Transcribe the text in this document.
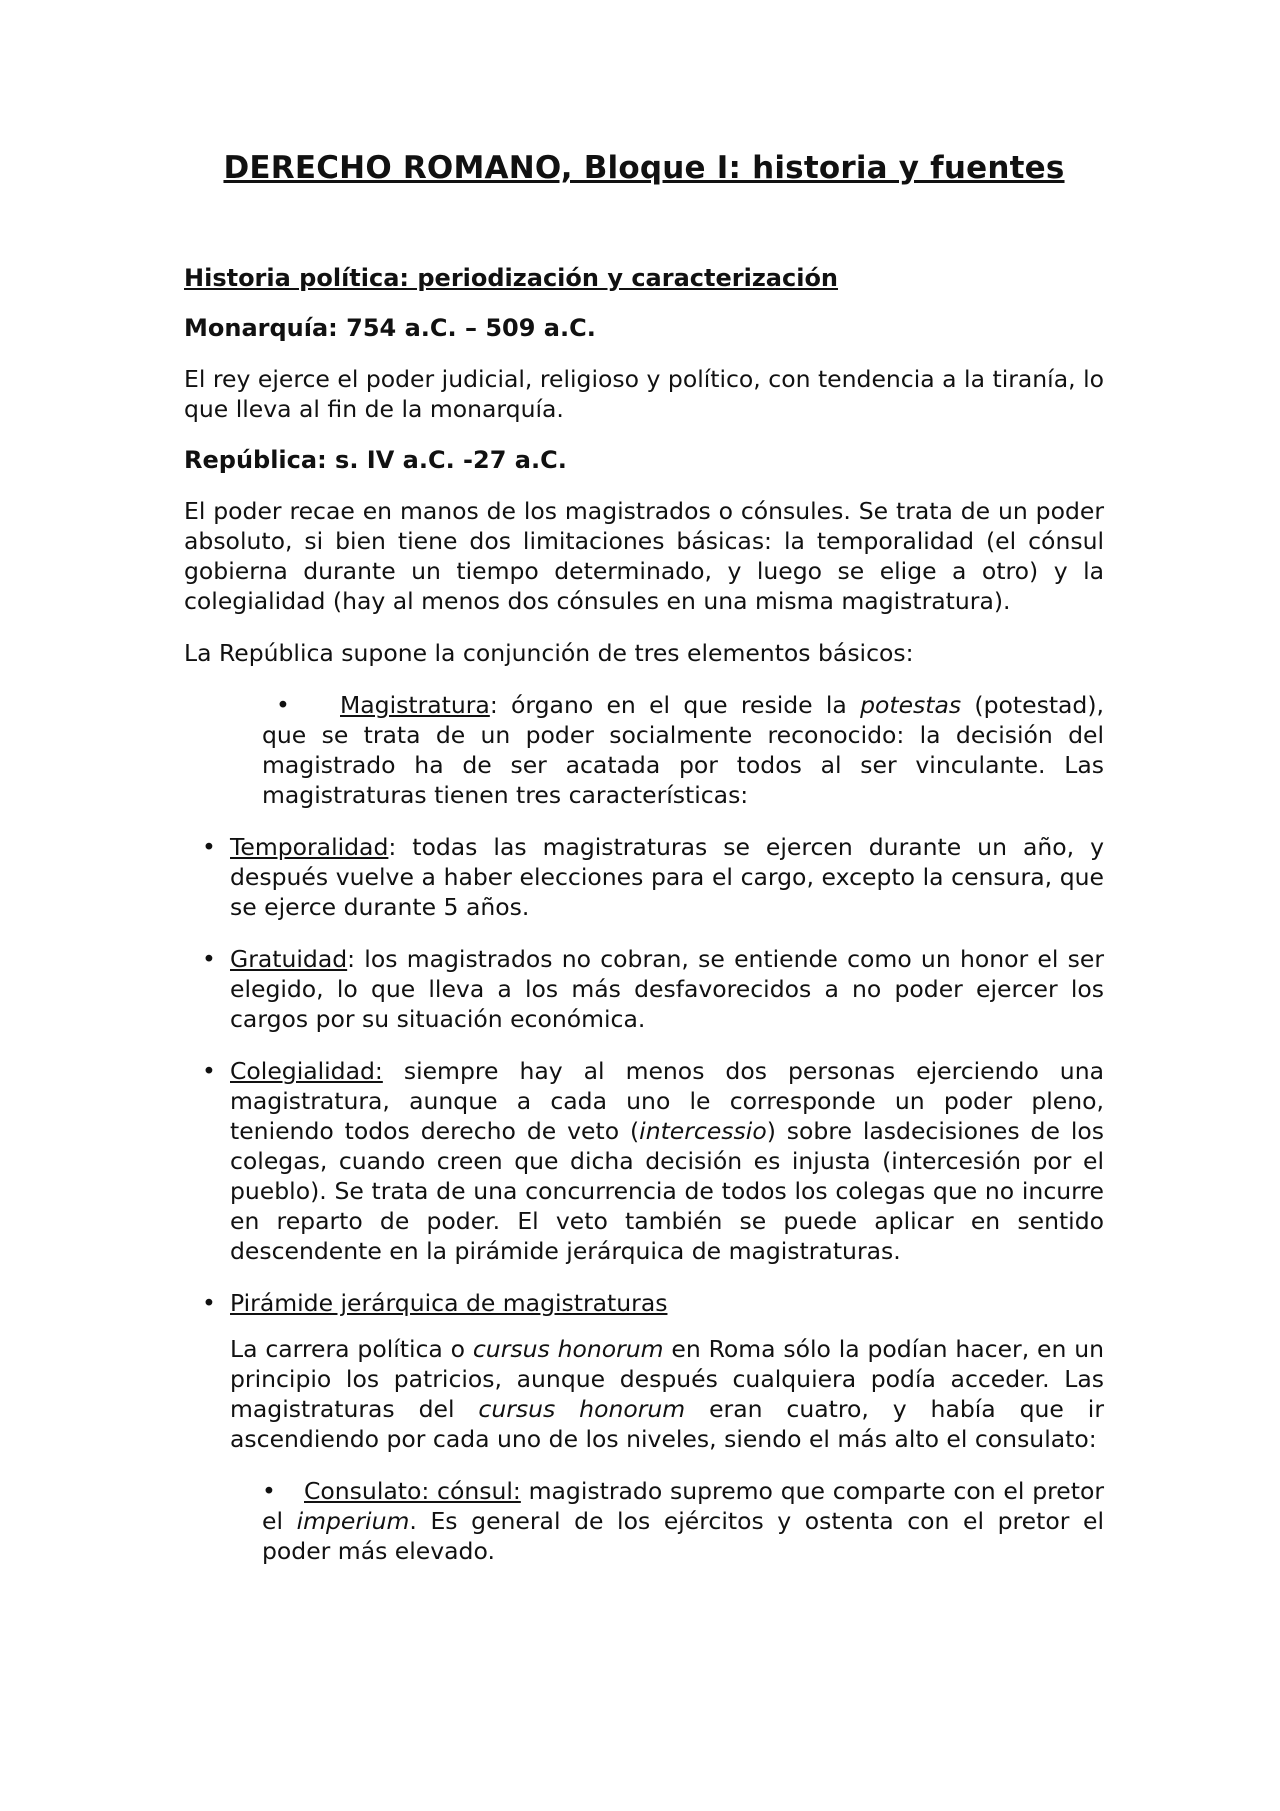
DERECHO ROMANO, Bloque I: historia y fuentes
Historia política: periodización y caracterización
Monarquía: 754 a.C. – 509 a.C.

El rey ejerce el poder judicial, religioso y político, con tendencia a la tiranía, lo que lleva al fin de la monarquía.

República: s. IV a.C. -27 a.C.

El poder recae en manos de los magistrados o cónsules. Se trata de un poder absoluto, si bien tiene dos limitaciones básicas: la temporalidad (el cónsul gobierna durante un tiempo determinado, y luego se elige a otro) y la colegialidad (hay al menos dos cónsules en una misma magistratura).

La República supone la conjunción de tres elementos básicos:

•	Magistratura: órgano en el que reside la potestas (potestad), que se trata de un poder socialmente reconocido: la decisión del magistrado ha de ser acatada por todos al ser vinculante. Las magistraturas tienen tres características:
• Temporalidad: todas las magistraturas se ejercen durante un año, y después vuelve a haber elecciones para el cargo, excepto la censura, que se ejerce durante 5 años.
• Gratuidad: los magistrados no cobran, se entiende como un honor el ser elegido, lo que lleva a los más desfavorecidos a no poder ejercer los cargos por su situación económica.
• Colegialidad: siempre hay al menos dos personas ejerciendo una magistratura, aunque a cada uno le corresponde un poder pleno, teniendo todos derecho de veto (intercessio) sobre lasdecisiones de los colegas, cuando creen que dicha decisión es injusta (intercesión por el pueblo). Se trata de una concurrencia de todos los colegas que no incurre en reparto de poder. El veto también se puede aplicar en sentido descendente en la pirámide jerárquica de magistraturas.
• Pirámide jerárquica de magistraturas

La carrera política o cursus honorum en Roma sólo la podían hacer, en un principio los patricios, aunque después cualquiera podía acceder. Las magistraturas del cursus honorum eran cuatro, y había que ir ascendiendo por cada uno de los niveles, siendo el más alto el consulato:

•	Consulato: cónsul: magistrado supremo que comparte con el pretor el imperium. Es general de los ejércitos y ostenta con el pretor el poder más elevado.
